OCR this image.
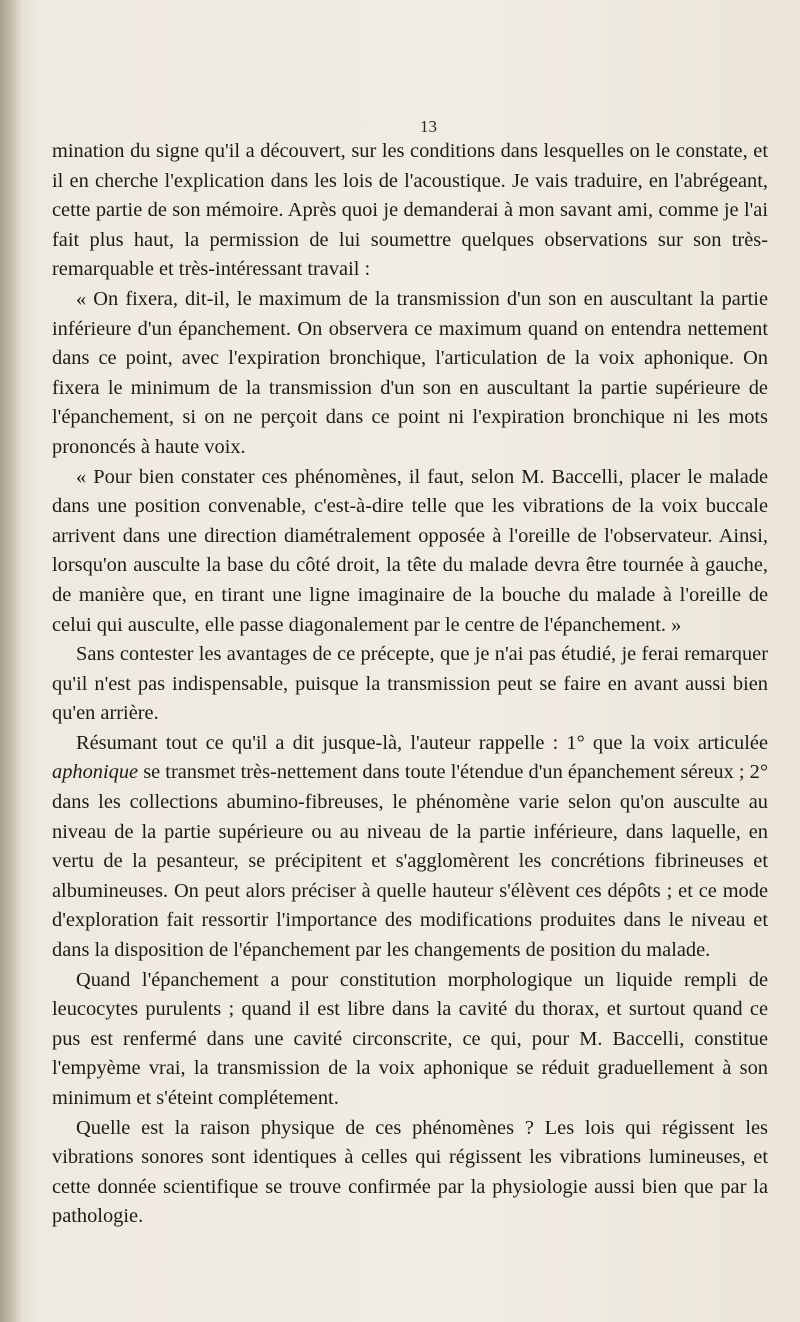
13

mination du signe qu'il a découvert, sur les conditions dans lesquelles on le constate, et il en cherche l'explication dans les lois de l'acoustique. Je vais traduire, en l'abrégeant, cette partie de son mémoire. Après quoi je demanderai à mon savant ami, comme je l'ai fait plus haut, la permission de lui soumettre quelques observations sur son très-remarquable et très-intéressant travail :

« On fixera, dit-il, le maximum de la transmission d'un son en auscultant la partie inférieure d'un épanchement. On observera ce maximum quand on entendra nettement dans ce point, avec l'expiration bronchique, l'articulation de la voix aphonique. On fixera le minimum de la transmission d'un son en auscultant la partie supérieure de l'épanchement, si on ne perçoit dans ce point ni l'expiration bronchique ni les mots prononcés à haute voix.

« Pour bien constater ces phénomènes, il faut, selon M. Baccelli, placer le malade dans une position convenable, c'est-à-dire telle que les vibrations de la voix buccale arrivent dans une direction diamétralement opposée à l'oreille de l'observateur. Ainsi, lorsqu'on ausculte la base du côté droit, la tête du malade devra être tournée à gauche, de manière que, en tirant une ligne imaginaire de la bouche du malade à l'oreille de celui qui ausculte, elle passe diagonalement par le centre de l'épanchement. »

Sans contester les avantages de ce précepte, que je n'ai pas étudié, je ferai remarquer qu'il n'est pas indispensable, puisque la transmission peut se faire en avant aussi bien qu'en arrière.

Résumant tout ce qu'il a dit jusque-là, l'auteur rappelle : 1° que la voix articulée aphonique se transmet très-nettement dans toute l'étendue d'un épanchement séreux ; 2° dans les collections abumino-fibreuses, le phénomène varie selon qu'on ausculte au niveau de la partie supérieure ou au niveau de la partie inférieure, dans laquelle, en vertu de la pesanteur, se précipitent et s'agglomèrent les concrétions fibrineuses et albumineuses. On peut alors préciser à quelle hauteur s'élèvent ces dépôts ; et ce mode d'exploration fait ressortir l'importance des modifications produites dans le niveau et dans la disposition de l'épanchement par les changements de position du malade.

Quand l'épanchement a pour constitution morphologique un liquide rempli de leucocytes purulents ; quand il est libre dans la cavité du thorax, et surtout quand ce pus est renfermé dans une cavité circonscrite, ce qui, pour M. Baccelli, constitue l'empyème vrai, la transmission de la voix aphonique se réduit graduellement à son minimum et s'éteint complétement.

Quelle est la raison physique de ces phénomènes ? Les lois qui régissent les vibrations sonores sont identiques à celles qui régissent les vibrations lumineuses, et cette donnée scientifique se trouve confirmée par la physiologie aussi bien que par la pathologie.
